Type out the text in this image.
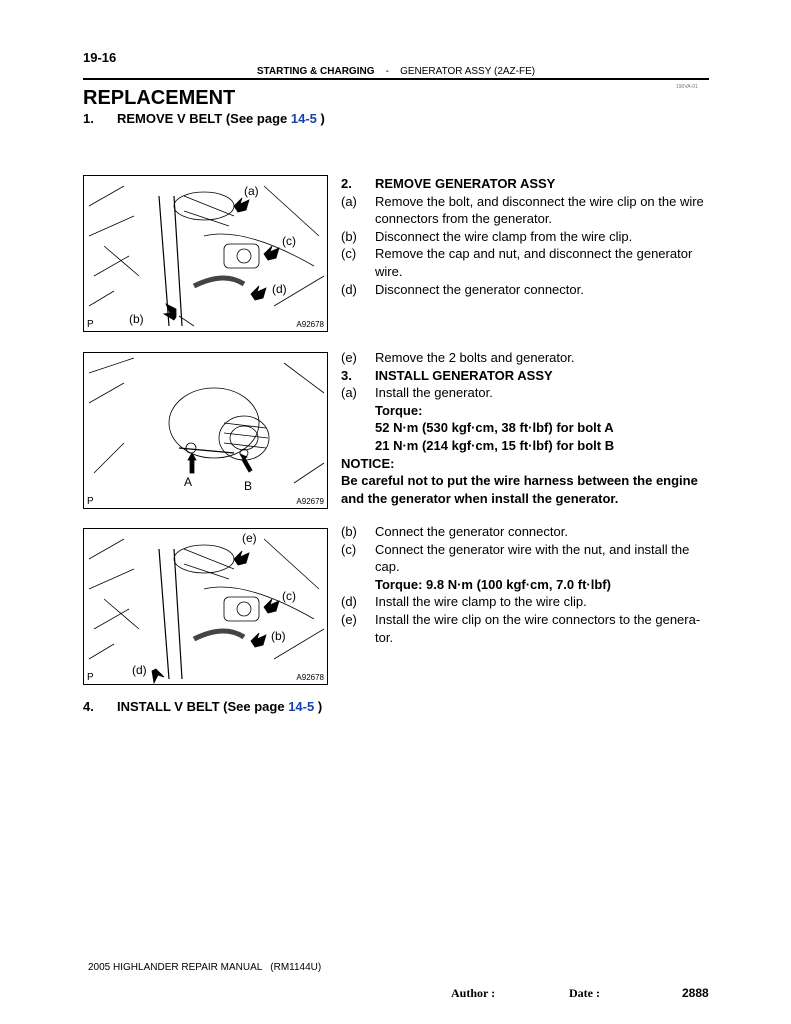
19-16
STARTING & CHARGING - GENERATOR ASSY (2AZ-FE)
190VA-01
REPLACEMENT
1. REMOVE V BELT (See page 14-5 )
(a)
(c)
(d)
(b)
P	A92678
A	B
P	A92679
(e)
(c)
(b)
(d)
P	A92678
2. REMOVE GENERATOR ASSY
(a) Remove the bolt, and disconnect the wire clip on the wire connectors from the generator.
(b) Disconnect the wire clamp from the wire clip.
(c) Remove the cap and nut, and disconnect the generator wire.
(d) Disconnect the generator connector.
(e) Remove the 2 bolts and generator.
3. INSTALL GENERATOR ASSY
(a) Install the generator.
Torque:
52 N·m (530 kgf·cm, 38 ft·lbf) for bolt A
21 N·m (214 kgf·cm, 15 ft·lbf) for bolt B
NOTICE:
Be careful not to put the wire harness between the engine and the generator when install the generator.
(b) Connect the generator connector.
(c) Connect the generator wire with the nut, and install the cap.
Torque: 9.8 N·m (100 kgf·cm, 7.0 ft·lbf)
(d) Install the wire clamp to the wire clip.
(e) Install the wire clip on the wire connectors to the genera- tor.
4. INSTALL V BELT (See page 14-5 )
2005 HIGHLANDER REPAIR MANUAL   (RM1144U)
Author :	Date :	2888
